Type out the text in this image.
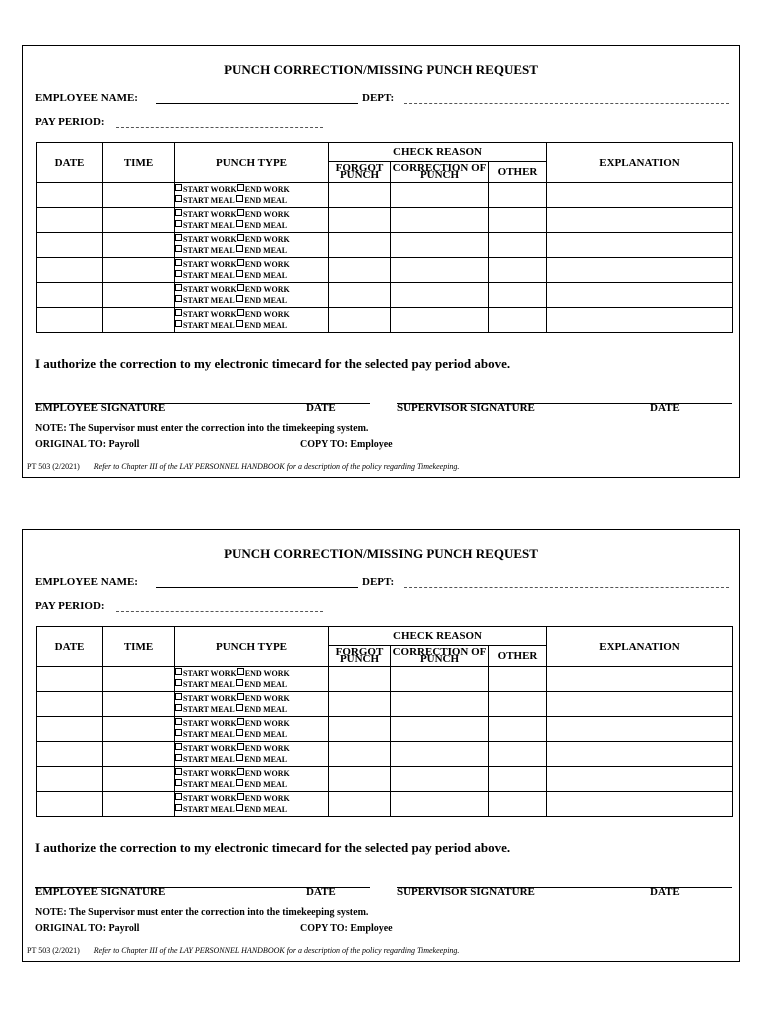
PUNCH CORRECTION/MISSING PUNCH REQUEST
EMPLOYEE NAME:	DEPT:
PAY PERIOD:
DATE	TIME	PUNCH TYPE	CHECK REASON			EXPLANATION
			FORGOT PUNCH	CORRECTION OF PUNCH	OTHER	
		START WORK END WORK
START MEAL END MEAL				
		START WORK END WORK
START MEAL END MEAL				
		START WORK END WORK
START MEAL END MEAL				
		START WORK END WORK
START MEAL END MEAL				
		START WORK END WORK
START MEAL END MEAL				
		START WORK END WORK
START MEAL END MEAL				
I authorize the correction to my electronic timecard for the selected pay period above.
EMPLOYEE SIGNATURE	DATE	SUPERVISOR SIGNATURE	DATE
NOTE: The Supervisor must enter the correction into the timekeeping system.
ORIGINAL TO: Payroll	COPY TO: Employee
PT 503 (2/2021) Refer to Chapter III of the LAY PERSONNEL HANDBOOK for a description of the policy regarding Timekeeping.
PUNCH CORRECTION/MISSING PUNCH REQUEST
EMPLOYEE NAME:	DEPT:
PAY PERIOD:
DATE	TIME	PUNCH TYPE	CHECK REASON			EXPLANATION
			FORGOT PUNCH	CORRECTION OF PUNCH	OTHER	
		START WORK END WORK
START MEAL END MEAL				
		START WORK END WORK
START MEAL END MEAL				
		START WORK END WORK
START MEAL END MEAL				
		START WORK END WORK
START MEAL END MEAL				
		START WORK END WORK
START MEAL END MEAL				
		START WORK END WORK
START MEAL END MEAL				
I authorize the correction to my electronic timecard for the selected pay period above.
EMPLOYEE SIGNATURE	DATE	SUPERVISOR SIGNATURE	DATE
NOTE: The Supervisor must enter the correction into the timekeeping system.
ORIGINAL TO: Payroll	COPY TO: Employee
PT 503 (2/2021) Refer to Chapter III of the LAY PERSONNEL HANDBOOK for a description of the policy regarding Timekeeping.
